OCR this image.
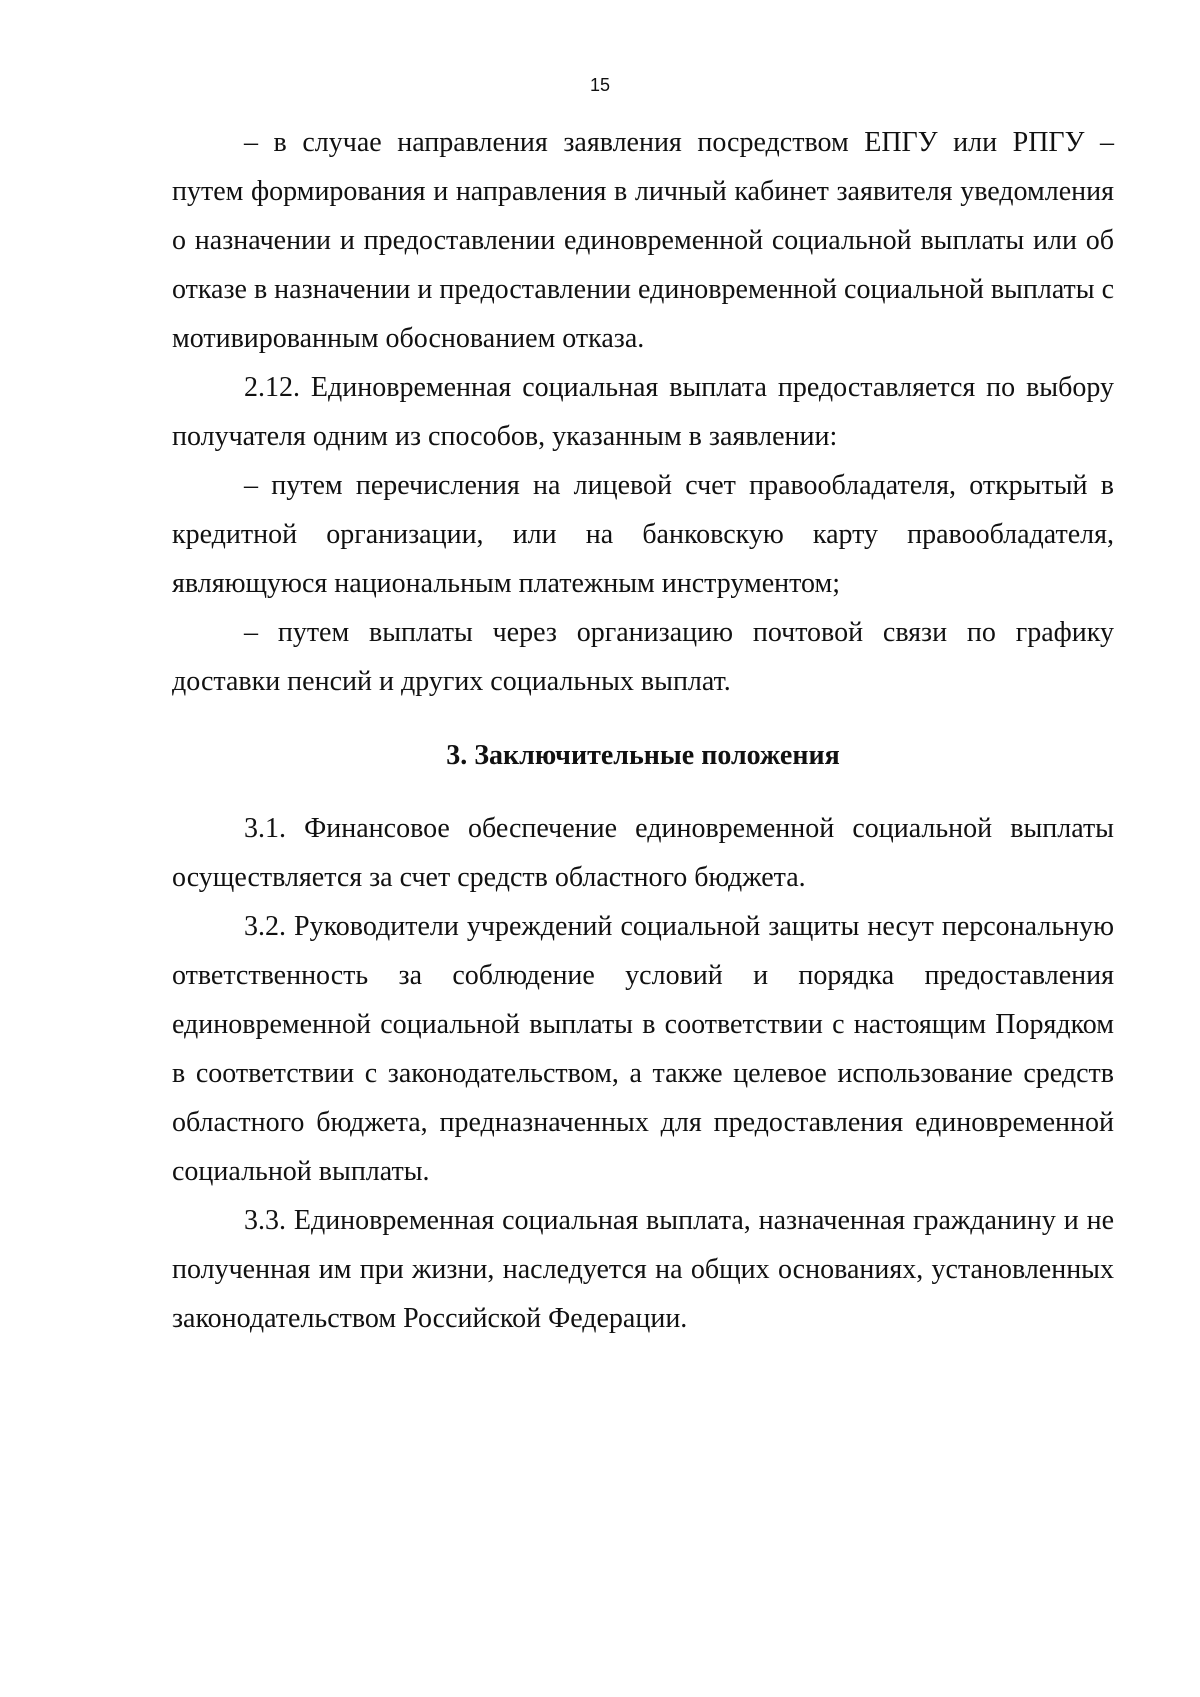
15

– в случае направления заявления посредством ЕПГУ или РПГУ – путем формирования и направления в личный кабинет заявителя уведомления о назначении и предоставлении единовременной социальной выплаты или об отказе в назначении и предоставлении единовременной социальной выплаты с мотивированным обоснованием отказа.

2.12. Единовременная социальная выплата предоставляется по выбору получателя одним из способов, указанным в заявлении:

– путем перечисления на лицевой счет правообладателя, открытый в кредитной организации, или на банковскую карту правообладателя, являющуюся национальным платежным инструментом;

– путем выплаты через организацию почтовой связи по графику доставки пенсий и других социальных выплат.

3. Заключительные положения

3.1. Финансовое обеспечение единовременной социальной выплаты осуществляется за счет средств областного бюджета.

3.2. Руководители учреждений социальной защиты несут персональную ответственность за соблюдение условий и порядка предоставления единовременной социальной выплаты в соответствии с настоящим Порядком в соответствии с законодательством, а также целевое использование средств областного бюджета, предназначенных для предоставления единовременной социальной выплаты.

3.3. Единовременная социальная выплата, назначенная гражданину и не полученная им при жизни, наследуется на общих основаниях, установленных законодательством Российской Федерации.
